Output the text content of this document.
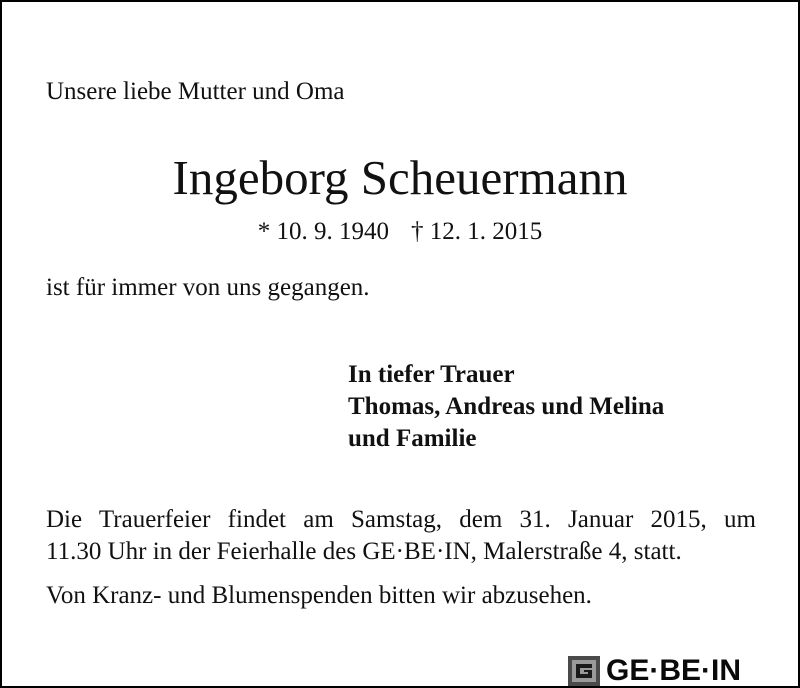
Unsere liebe Mutter und Oma
Ingeborg Scheuermann
* 10. 9. 1940 † 12. 1. 2015
ist für immer von uns gegangen.
In tiefer Trauer
Thomas, Andreas und Melina
und Familie
Die Trauerfeier findet am Samstag, dem 31. Januar 2015, um
11.30 Uhr in der Feierhalle des GE·BE·IN, Malerstraße 4, statt.
Von Kranz- und Blumenspenden bitten wir abzusehen.
GE·BE·IN
